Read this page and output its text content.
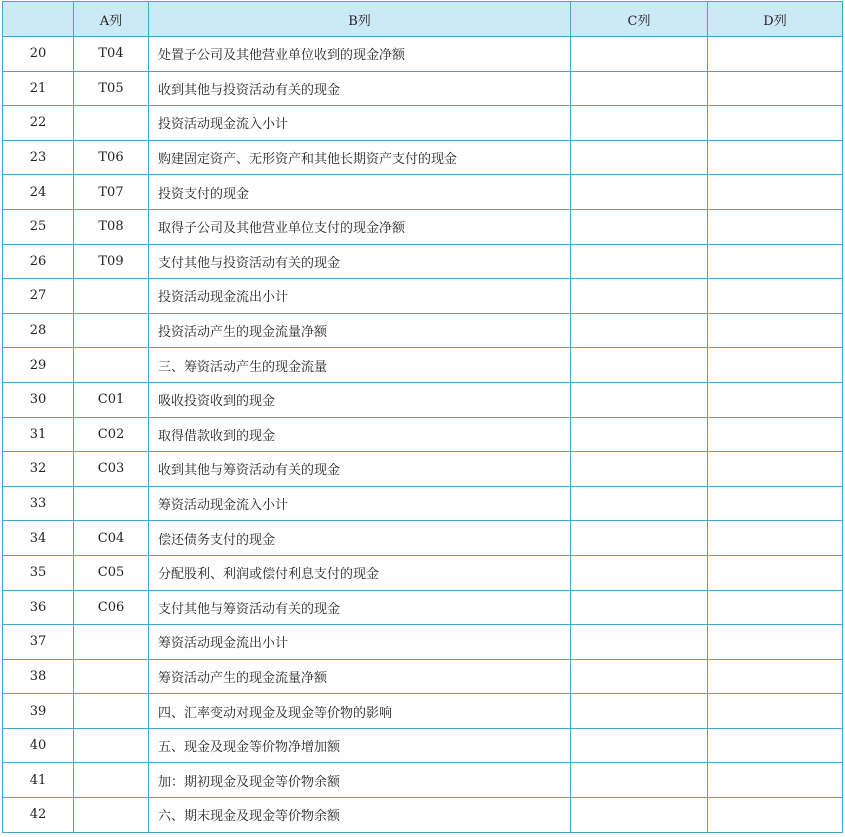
	A列	B列	C列	D列
20	T04	处置子公司及其他营业单位收到的现金净额		
21	T05	收到其他与投资活动有关的现金		
22		投资活动现金流入小计		
23	T06	购建固定资产、无形资产和其他长期资产支付的现金		
24	T07	投资支付的现金		
25	T08	取得子公司及其他营业单位支付的现金净额		
26	T09	支付其他与投资活动有关的现金		
27		投资活动现金流出小计		
28		投资活动产生的现金流量净额		
29		三、筹资活动产生的现金流量		
30	C01	吸收投资收到的现金		
31	C02	取得借款收到的现金		
32	C03	收到其他与筹资活动有关的现金		
33		筹资活动现金流入小计		
34	C04	偿还债务支付的现金		
35	C05	分配股利、利润或偿付利息支付的现金		
36	C06	支付其他与筹资活动有关的现金		
37		筹资活动现金流出小计		
38		筹资活动产生的现金流量净额		
39		四、汇率变动对现金及现金等价物的影响		
40		五、现金及现金等价物净增加额		
41		加：期初现金及现金等价物余额		
42		六、期末现金及现金等价物余额		
